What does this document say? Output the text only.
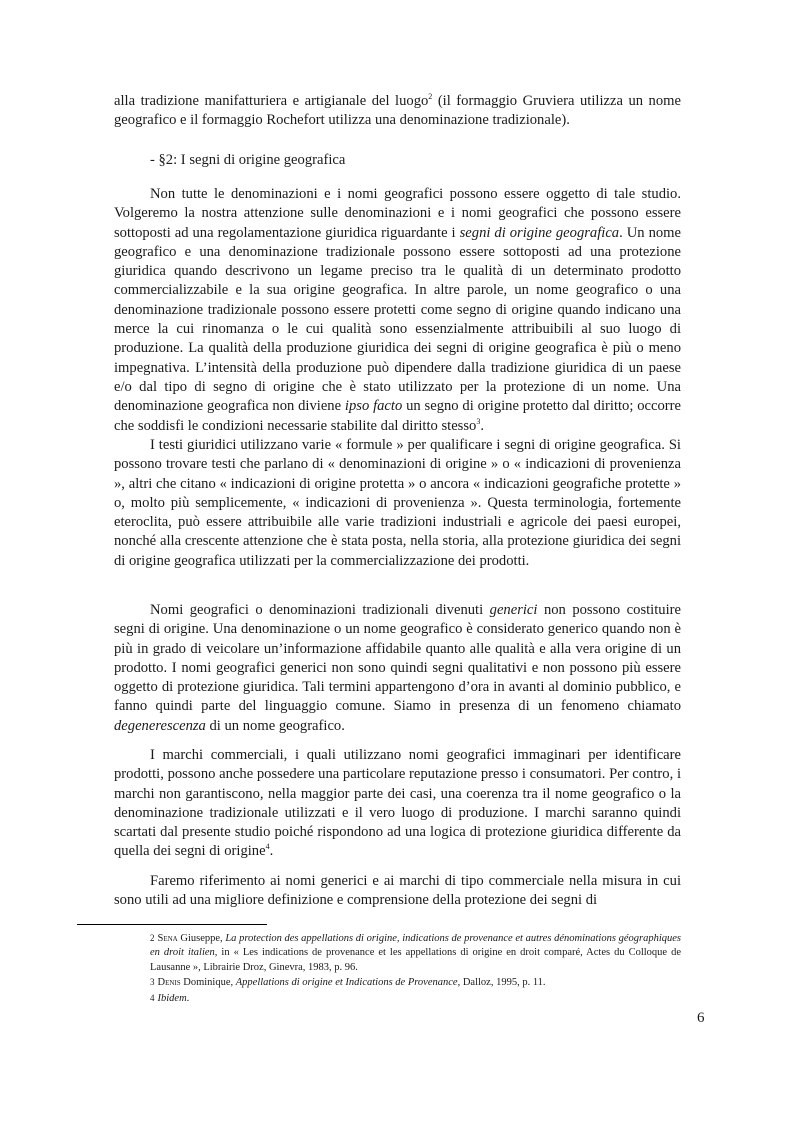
alla tradizione manifatturiera e artigianale del luogo$^2$ (il formaggio Gruviera utilizza un nome geografico e il formaggio Rochefort utilizza una denominazione tradizionale).

- §2: I segni di origine geografica

Non tutte le denominazioni e i nomi geografici possono essere oggetto di tale studio. Volgeremo la nostra attenzione sulle denominazioni e i nomi geografici che possono essere sottoposti ad una regolamentazione giuridica riguardante i segni di origine geografica. Un nome geografico e una denominazione tradizionale possono essere sottoposti ad una protezione giuridica quando descrivono un legame preciso tra le qualità di un determinato prodotto commercializzabile e la sua origine geografica. In altre parole, un nome geografico o una denominazione tradizionale possono essere protetti come segno di origine quando indicano una merce la cui rinomanza o le cui qualità sono essenzialmente attribuibili al suo luogo di produzione. La qualità della produzione giuridica dei segni di origine geografica è più o meno impegnativa. L’intensità della produzione può dipendere dalla tradizione giuridica di un paese e/o dal tipo di segno di origine che è stato utilizzato per la protezione di un nome. Una denominazione geografica non diviene ipso facto un segno di origine protetto dal diritto; occorre che soddisfi le condizioni necessarie stabilite dal diritto stesso$^3$.

I testi giuridici utilizzano varie « formule » per qualificare i segni di origine geografica. Si possono trovare testi che parlano di « denominazioni di origine » o « indicazioni di provenienza », altri che citano « indicazioni di origine protetta » o ancora « indicazioni geografiche protette » o, molto più semplicemente, « indicazioni di provenienza ». Questa terminologia, fortemente eteroclita, può essere attribuibile alle varie tradizioni industriali e agricole dei paesi europei, nonché alla crescente attenzione che è stata posta, nella storia, alla protezione giuridica dei segni di origine geografica utilizzati per la commercializzazione dei prodotti.

Nomi geografici o denominazioni tradizionali divenuti generici non possono costituire segni di origine. Una denominazione o un nome geografico è considerato generico quando non è più in grado di veicolare un’informazione affidabile quanto alle qualità e alla vera origine di un prodotto. I nomi geografici generici non sono quindi segni qualitativi e non possono più essere oggetto di protezione giuridica. Tali termini appartengono d’ora in avanti al dominio pubblico, e fanno quindi parte del linguaggio comune. Siamo in presenza di un fenomeno chiamato degenerescenza di un nome geografico.

I marchi commerciali, i quali utilizzano nomi geografici immaginari per identificare prodotti, possono anche possedere una particolare reputazione presso i consumatori. Per contro, i marchi non garantiscono, nella maggior parte dei casi, una coerenza tra il nome geografico o la denominazione tradizionale utilizzati e il vero luogo di produzione. I marchi saranno quindi scartati dal presente studio poiché rispondono ad una logica di protezione giuridica differente da quella dei segni di origine$^4$.

Faremo riferimento ai nomi generici e ai marchi di tipo commerciale nella misura in cui sono utili ad una migliore definizione e comprensione della protezione dei segni di

2 Sena Giuseppe, La protection des appellations di origine, indications de provenance et autres dénominations géographiques en droit italien, in « Les indications de provenance et les appellations di origine en droit comparé, Actes du Colloque de Lausanne », Librairie Droz, Ginevra, 1983, p. 96.

3 Denis Dominique, Appellations di origine et Indications de Provenance, Dalloz, 1995, p. 11.

4 Ibidem.

6
